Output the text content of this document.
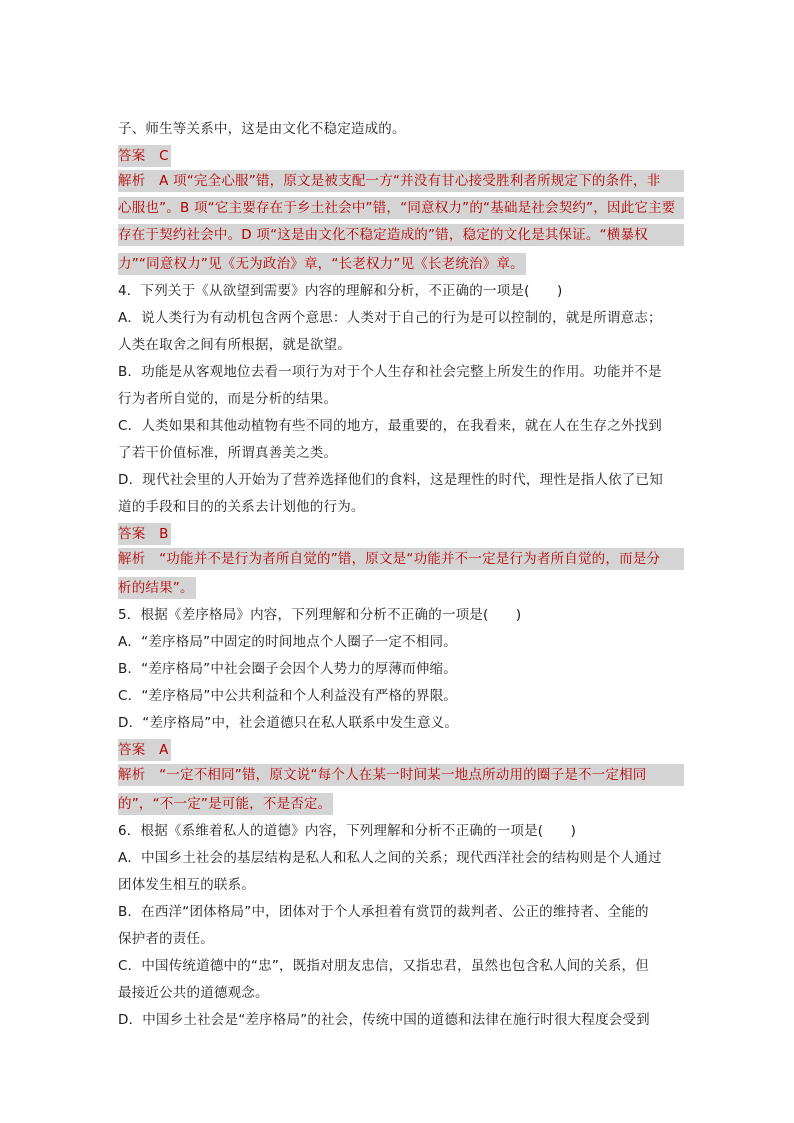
子、师生等关系中，这是由文化不稳定造成的。
答案　C
解析　A 项“完全心服”错，原文是被支配一方“并没有甘心接受胜利者所规定下的条件，非
心服也”。B 项“它主要存在于乡土社会中”错，“同意权力”的“基础是社会契约”，因此它主要
存在于契约社会中。D 项“这是由文化不稳定造成的”错，稳定的文化是其保证。“横暴权
力”“同意权力”见《无为政治》章，“长老权力”见《长老统治》章。
4．下列关于《从欲望到需要》内容的理解和分析，不正确的一项是(　　)
A．说人类行为有动机包含两个意思：人类对于自己的行为是可以控制的，就是所谓意志；
人类在取舍之间有所根据，就是欲望。
B．功能是从客观地位去看一项行为对于个人生存和社会完整上所发生的作用。功能并不是
行为者所自觉的，而是分析的结果。
C．人类如果和其他动植物有些不同的地方，最重要的，在我看来，就在人在生存之外找到
了若干价值标准，所谓真善美之类。
D．现代社会里的人开始为了营养选择他们的食料，这是理性的时代，理性是指人依了已知
道的手段和目的的关系去计划他的行为。
答案　B
解析　“功能并不是行为者所自觉的”错，原文是“功能并不一定是行为者所自觉的，而是分
析的结果”。
5．根据《差序格局》内容，下列理解和分析不正确的一项是(　　)
A．“差序格局”中固定的时间地点个人圈子一定不相同。
B．“差序格局”中社会圈子会因个人势力的厚薄而伸缩。
C．“差序格局”中公共利益和个人利益没有严格的界限。
D．“差序格局”中，社会道德只在私人联系中发生意义。
答案　A
解析　“一定不相同”错，原文说“每个人在某一时间某一地点所动用的圈子是不一定相同
的”，“不一定”是可能，不是否定。
6．根据《系维着私人的道德》内容，下列理解和分析不正确的一项是(　　)
A．中国乡土社会的基层结构是私人和私人之间的关系；现代西洋社会的结构则是个人通过
团体发生相互的联系。
B．在西洋“团体格局”中，团体对于个人承担着有赏罚的裁判者、公正的维持者、全能的
保护者的责任。
C．中国传统道德中的“忠”，既指对朋友忠信，又指忠君，虽然也包含私人间的关系，但
最接近公共的道德观念。
D．中国乡土社会是“差序格局”的社会，传统中国的道德和法律在施行时很大程度会受到
